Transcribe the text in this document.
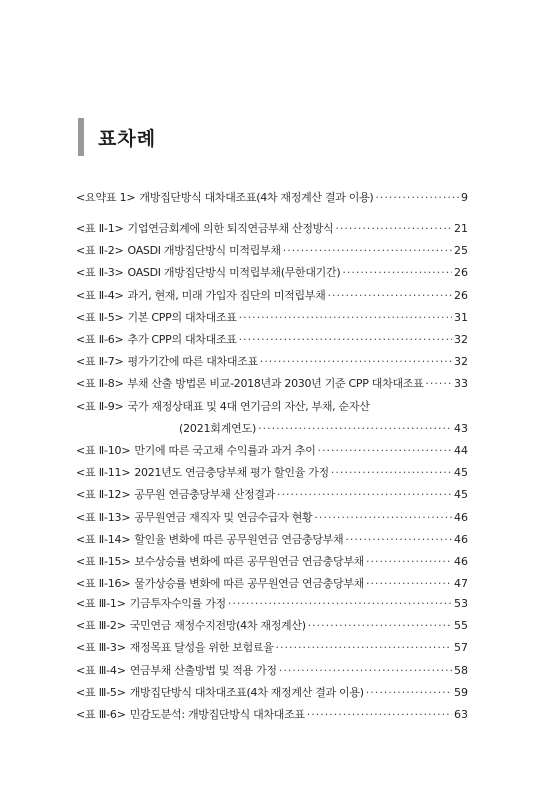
표차례
<요약표 1> 개방집단방식 대차대조표(4차 재정계산 결과 이용) ·····	9
<표 Ⅱ-1> 기업연금회계에 의한 퇴직연금부채 산정방식 ·····	21
<표 Ⅱ-2> OASDI 개방집단방식 미적립부채 ·····	25
<표 Ⅱ-3> OASDI 개방집단방식 미적립부채(무한대기간) ·····	26
<표 Ⅱ-4> 과거, 현재, 미래 가입자 집단의 미적립부채 ·····	26
<표 Ⅱ-5> 기본 CPP의 대차대조표 ·····	31
<표 Ⅱ-6> 추가 CPP의 대차대조표 ·····	32
<표 Ⅱ-7> 평가기간에 따른 대차대조표 ·····	32
<표 Ⅱ-8> 부채 산출 방법론 비교-2018년과 2030년 기준 CPP 대차대조표 ·····	33
<표 Ⅱ-9> 국가 재정상태표 및 4대 연기금의 자산, 부채, 순자산
(2021회계연도) ·····	43
<표 Ⅱ-10> 만기에 따른 국고채 수익률과 과거 추이 ·····	44
<표 Ⅱ-11> 2021년도 연금충당부채 평가 할인율 가정 ·····	45
<표 Ⅱ-12> 공무원 연금충당부채 산정결과 ·····	45
<표 Ⅱ-13> 공무원연금 재직자 및 연금수급자 현황 ·····	46
<표 Ⅱ-14> 할인율 변화에 따른 공무원연금 연금충당부채 ·····	46
<표 Ⅱ-15> 보수상승률 변화에 따른 공무원연금 연금충당부채 ·····	46
<표 Ⅱ-16> 물가상승률 변화에 따른 공무원연금 연금충당부채 ·····	47
<표 Ⅲ-1> 기금투자수익률 가정 ·····	53
<표 Ⅲ-2> 국민연금 재정수지전망(4차 재정계산) ·····	55
<표 Ⅲ-3> 재정목표 달성을 위한 보험료율 ·····	57
<표 Ⅲ-4> 연금부채 산출방법 및 적용 가정 ·····	58
<표 Ⅲ-5> 개방집단방식 대차대조표(4차 재정계산 결과 이용) ·····	59
<표 Ⅲ-6> 민감도분석: 개방집단방식 대차대조표 ·····	63
